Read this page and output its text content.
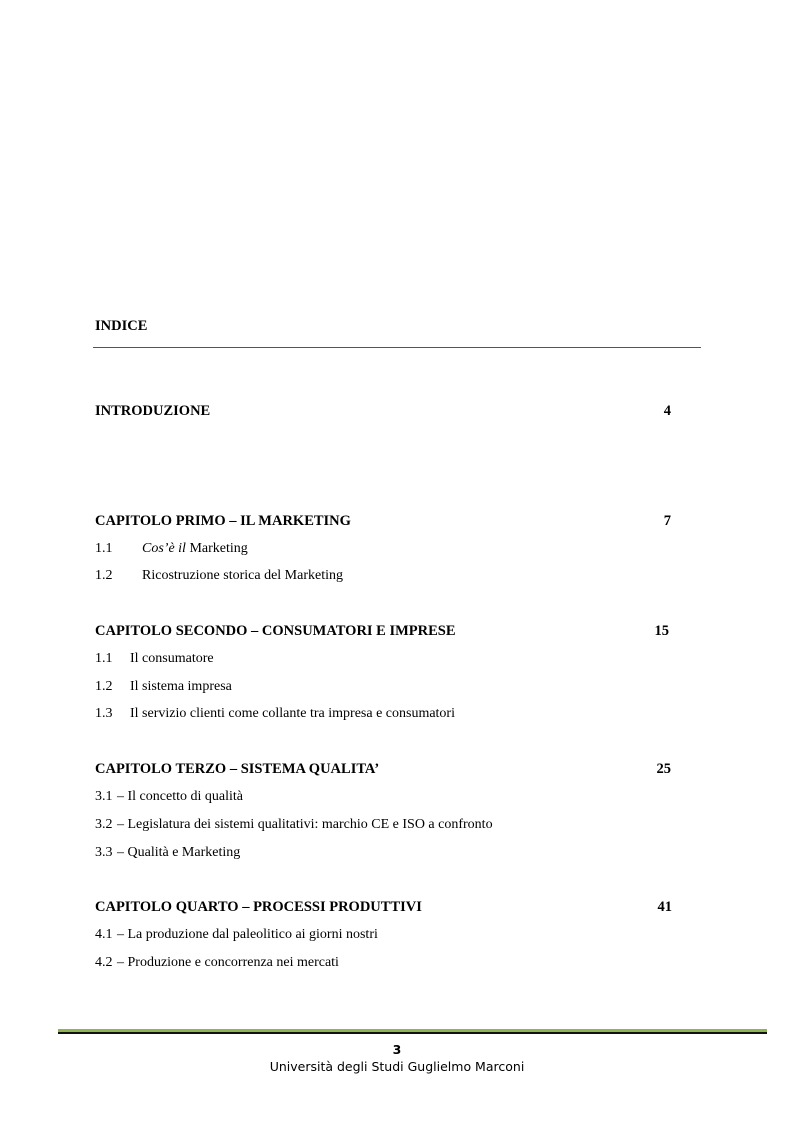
INDICE
INTRODUZIONE	4
CAPITOLO PRIMO – IL MARKETING	7
1.1 Cos’è il Marketing
1.2 Ricostruzione storica del Marketing
CAPITOLO SECONDO – CONSUMATORI E IMPRESE	15
1.1 Il consumatore
1.2 Il sistema impresa
1.3 Il servizio clienti come collante tra impresa e consumatori
CAPITOLO TERZO – SISTEMA QUALITA’	25
3.1 – Il concetto di qualità
3.2 – Legislatura dei sistemi qualitativi: marchio CE e ISO a confronto
3.3 – Qualità e Marketing
CAPITOLO QUARTO – PROCESSI PRODUTTIVI	41
4.1 – La produzione dal paleolitico ai giorni nostri
4.2 – Produzione e concorrenza nei mercati
3
Università degli Studi Guglielmo Marconi
